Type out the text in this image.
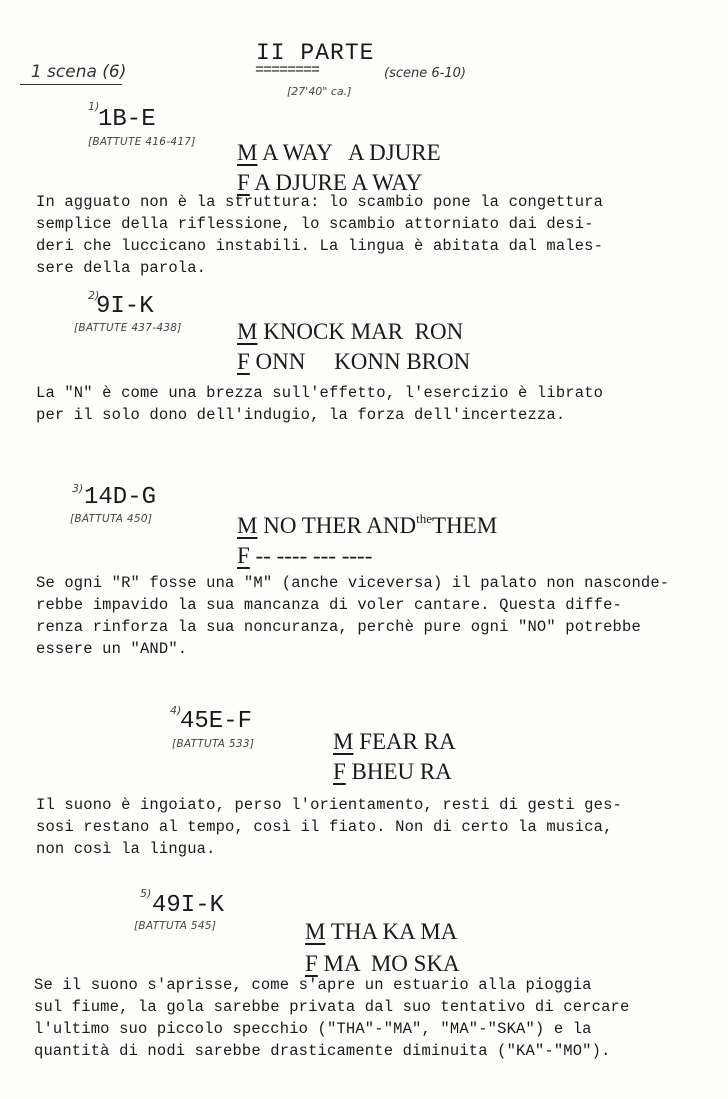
1 scena (6)

II PARTE
========	(scene 6-10)
[27'40" ca.]
1)
1B-E
[BATTUTE 416-417]	M A WAY   A DJURE

F A DJURE A WAY

In agguato non è la struttura: lo scambio pone la congettura
semplice della riflessione, lo scambio attorniato dai desi-
deri che luccicano instabili. La lingua è abitata dal males-
sere della parola.
2)
9I-K
[BATTUTE 437-438]	M KNOCK MAR  RON

F ONN     KONN BRON

La "N" è come una brezza sull'effetto, l'esercizio è librato
per il solo dono dell'indugio, la forza dell'incertezza.
3) 14D-G
[BATTUTA 450]	M NO THER $AND^{the}THEM$

F -- ---- --- ----

Se ogni "R" fosse una "M" (anche viceversa) il palato non nasconde-
rebbe impavido la sua mancanza di voler cantare. Questa diffe-
renza rinforza la sua noncuranza, perchè pure ogni "NO" potrebbe
essere un "AND".
4)
45E-F
[BATTUTA 533]	M FEAR RA

F BHEU RA

Il suono è ingoiato, perso l'orientamento, resti di gesti ges-
sosi restano al tempo, così il fiato. Non di certo la musica,
non così la lingua.
5) 49I-K
[BATTUTA 545]	M THA KA MA

F MA  MO SKA

Se il suono s'aprisse, come s'apre un estuario alla pioggia
sul fiume, la gola sarebbe privata dal suo tentativo di cercare
l'ultimo suo piccolo specchio ("THA"-"MA", "MA"-"SKA") e la
quantità di nodi sarebbe drasticamente diminuita ("KA"-"MO").
